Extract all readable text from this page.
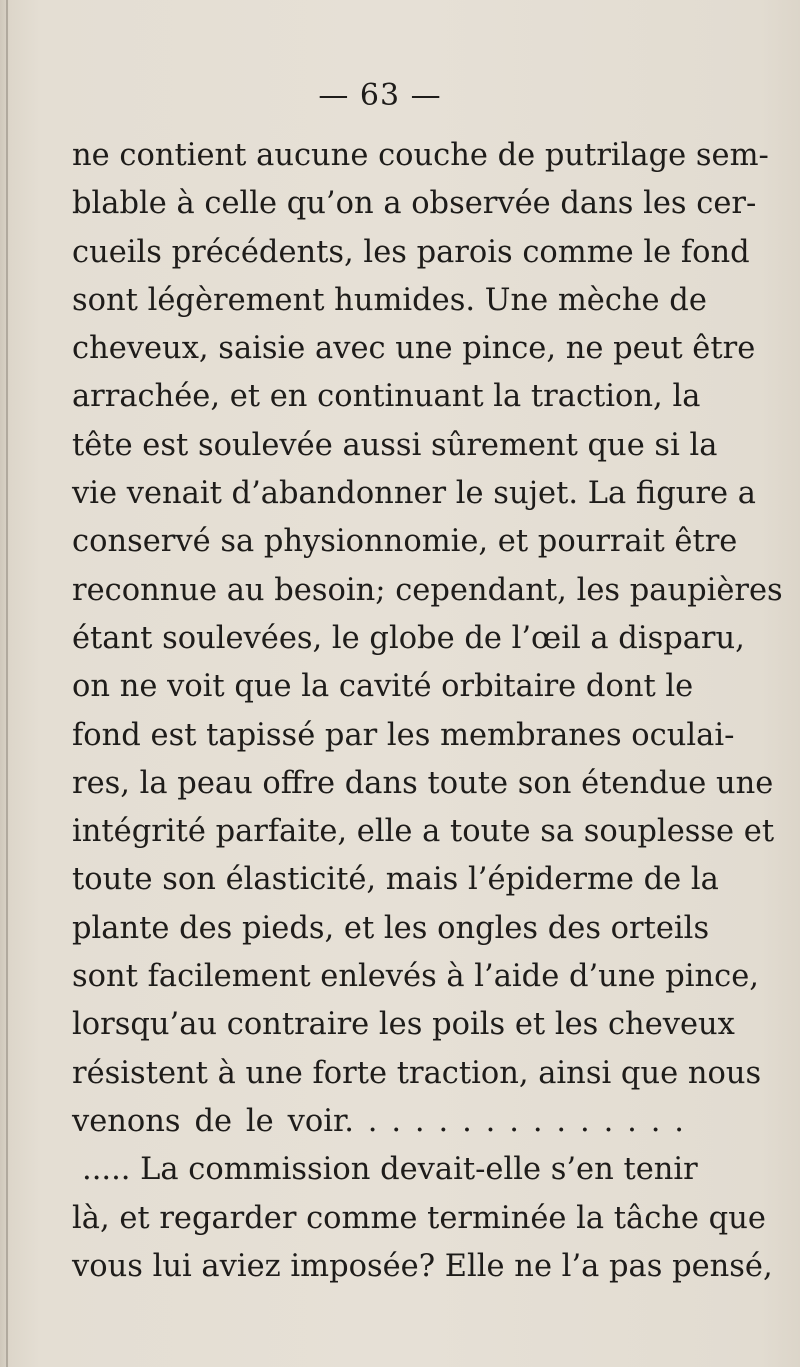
— 63 —
ne contient aucune couche de putrilage sem-
blable à celle qu’on a observée dans les cer-
cueils précédents, les parois comme le fond
sont légèrement humides. Une mèche de
cheveux, saisie avec une pince, ne peut être
arrachée, et en continuant la traction, la
tête est soulevée aussi sûrement que si la
vie venait d’abandonner le sujet. La figure a
conservé sa physionnomie, et pourrait être
reconnue au besoin; cependant, les paupières
étant soulevées, le globe de l’œil a disparu,
on ne voit que la cavité orbitaire dont le
fond est tapissé par les membranes oculai-
res, la peau offre dans toute son étendue une
intégrité parfaite, elle a toute sa souplesse et
toute son élasticité, mais l’épiderme de la
plante des pieds, et les ongles des orteils
sont facilement enlevés à l’aide d’une pince,
lorsqu’au contraire les poils et les cheveux
résistent à une forte traction, ainsi que nous
venons de le voir. . . . . . . . . . . . . . .
..... La commission devait-elle s’en tenir
là, et regarder comme terminée la tâche que
vous lui aviez imposée? Elle ne l’a pas pensé,
